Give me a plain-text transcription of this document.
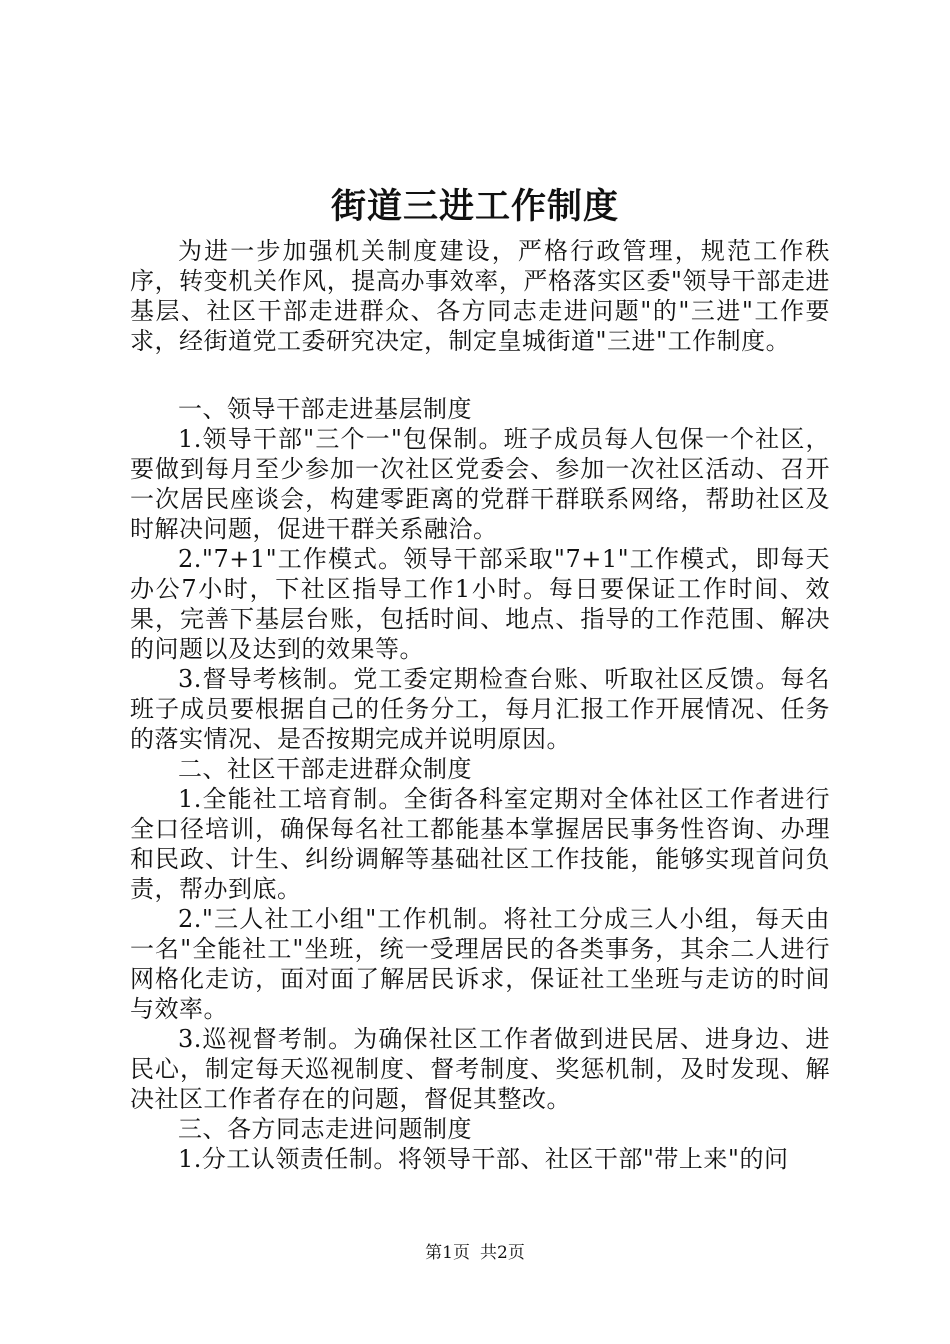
街道三进工作制度

为进一步加强机关制度建设，严格行政管理，规范工作秩序，转变机关作风，提高办事效率，严格落实区委"领导干部走进基层、社区干部走进群众、各方同志走进问题"的"三进"工作要求，经街道党工委研究决定，制定皇城街道"三进"工作制度。

一、领导干部走进基层制度

1.领导干部"三个一"包保制。班子成员每人包保一个社区，要做到每月至少参加一次社区党委会、参加一次社区活动、召开一次居民座谈会，构建零距离的党群干群联系网络，帮助社区及时解决问题，促进干群关系融洽。

2."7+1"工作模式。领导干部采取"7+1"工作模式，即每天办公7小时，下社区指导工作1小时。每日要保证工作时间、效果，完善下基层台账，包括时间、地点、指导的工作范围、解决的问题以及达到的效果等。

3.督导考核制。党工委定期检查台账、听取社区反馈。每名班子成员要根据自己的任务分工，每月汇报工作开展情况、任务的落实情况、是否按期完成并说明原因。

二、社区干部走进群众制度

1.全能社工培育制。全街各科室定期对全体社区工作者进行全口径培训，确保每名社工都能基本掌握居民事务性咨询、办理和民政、计生、纠纷调解等基础社区工作技能，能够实现首问负责，帮办到底。

2."三人社工小组"工作机制。将社工分成三人小组，每天由一名"全能社工"坐班，统一受理居民的各类事务，其余二人进行网格化走访，面对面了解居民诉求，保证社工坐班与走访的时间与效率。

3.巡视督考制。为确保社区工作者做到进民居、进身边、进民心，制定每天巡视制度、督考制度、奖惩机制，及时发现、解决社区工作者存在的问题，督促其整改。

三、各方同志走进问题制度

1.分工认领责任制。将领导干部、社区干部"带上来"的问

第1页 共2页
